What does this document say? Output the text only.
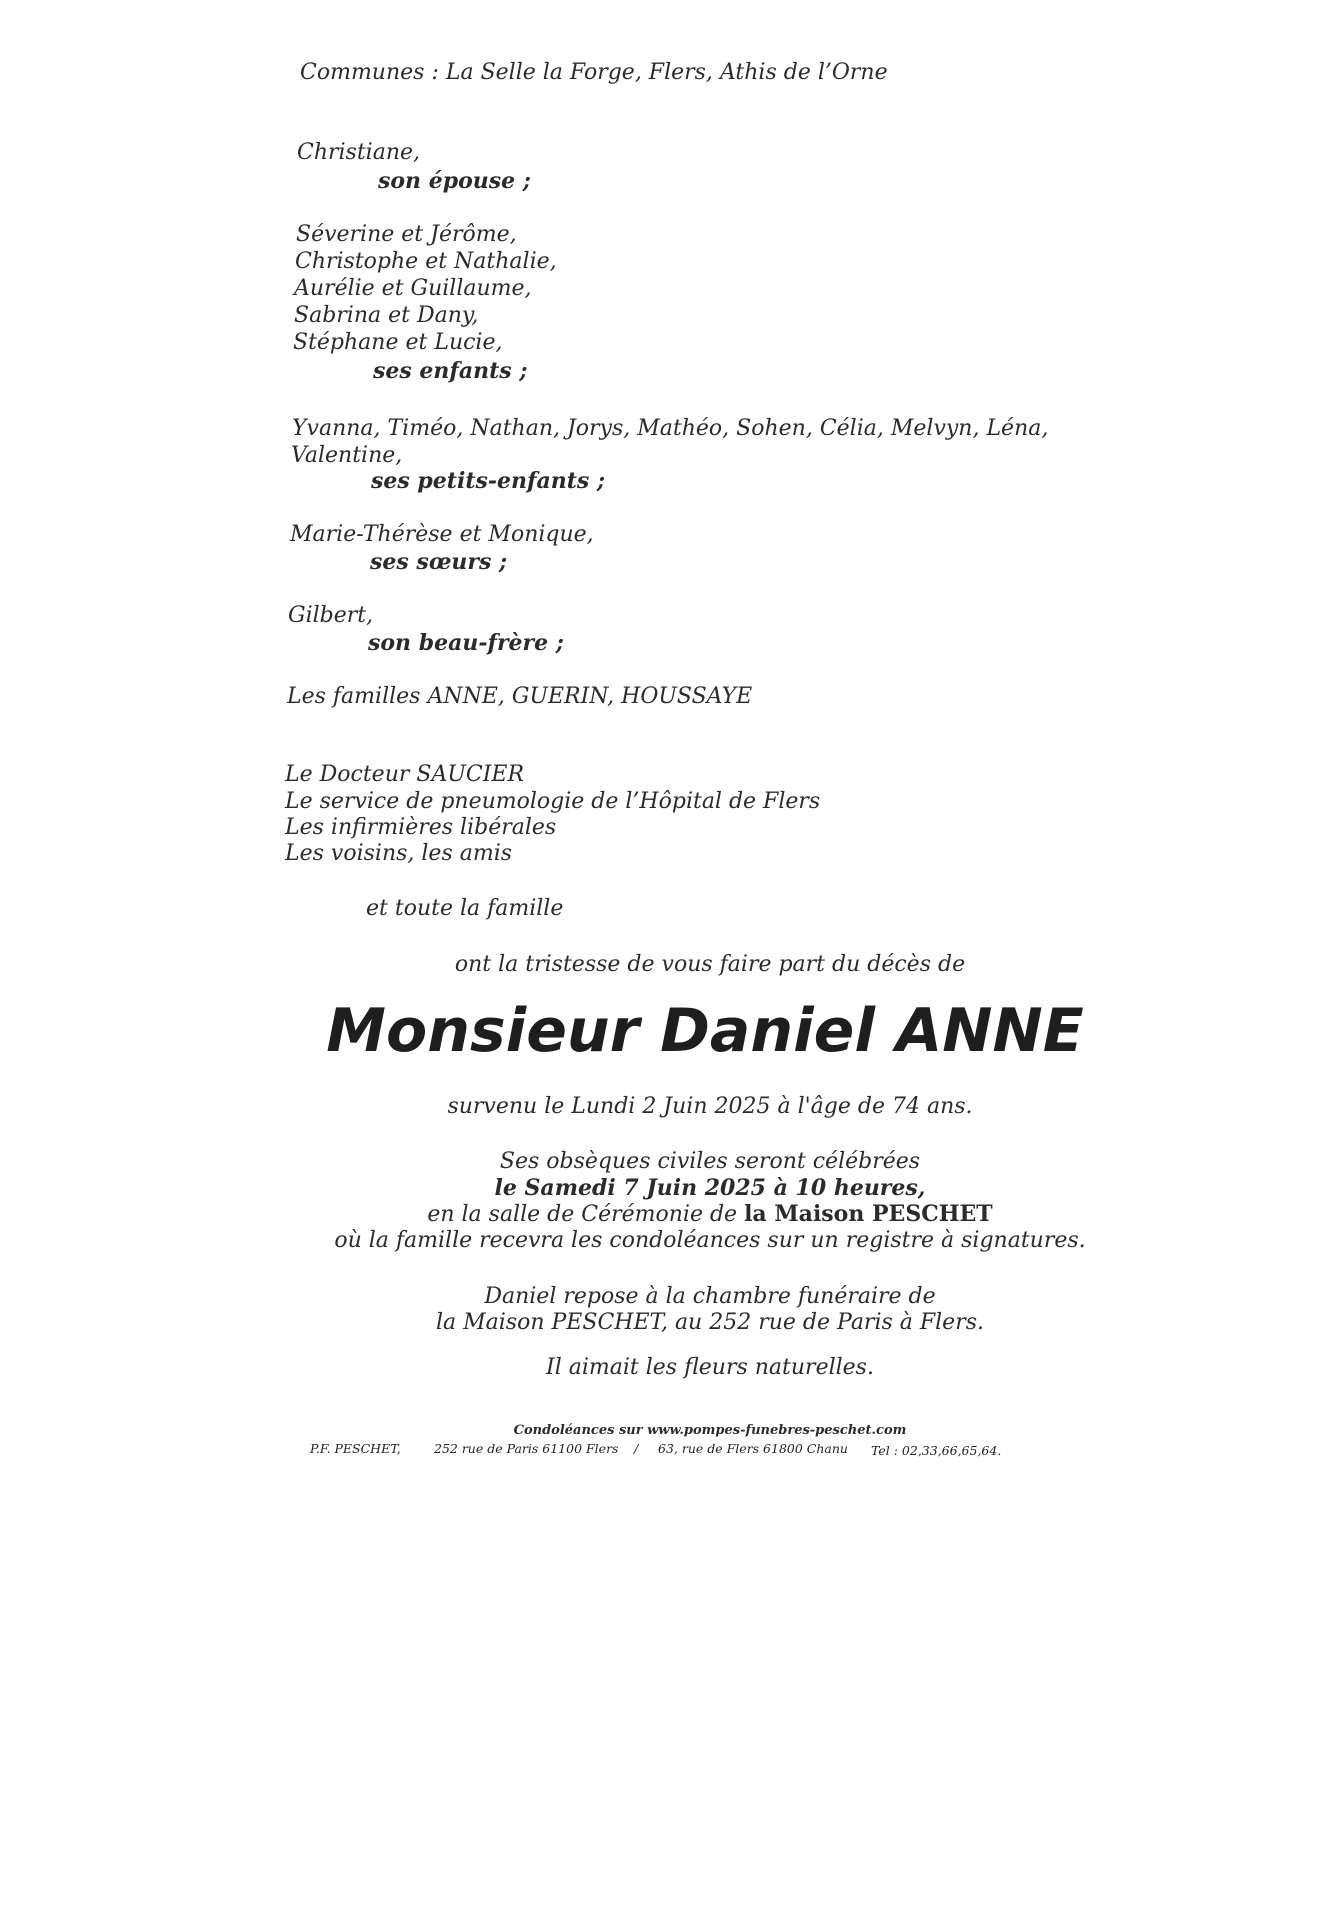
Communes : La Selle la Forge, Flers, Athis de l’Orne
Christiane,
son épouse ;
Séverine et Jérôme,
Christophe et Nathalie,
Aurélie et Guillaume,
Sabrina et Dany,
Stéphane et Lucie,
ses enfants ;
Yvanna, Timéo, Nathan, Jorys, Mathéo, Sohen, Célia, Melvyn, Léna,
Valentine,
ses petits-enfants ;
Marie-Thérèse et Monique,
ses sœurs ;
Gilbert,
son beau-frère ;
Les familles ANNE, GUERIN, HOUSSAYE
Le Docteur SAUCIER
Le service de pneumologie de l’Hôpital de Flers
Les infirmières libérales
Les voisins, les amis
et toute la famille
ont la tristesse de vous faire part du décès de
Monsieur Daniel ANNE
survenu le Lundi 2 Juin 2025 à l'âge de 74 ans.
Ses obsèques civiles seront célébrées
le Samedi 7 Juin 2025 à 10 heures,
en la salle de Cérémonie de la Maison PESCHET
où la famille recevra les condoléances sur un registre à signatures.
Daniel repose à la chambre funéraire de
la Maison PESCHET, au 252 rue de Paris à Flers.
Il aimait les fleurs naturelles.
Condoléances sur www.pompes-funebres-peschet.com
P.F. PESCHET,	252 rue de Paris 61100 Flers / 63, rue de Flers 61800 Chanu Tel : 02,33,66,65,64.
